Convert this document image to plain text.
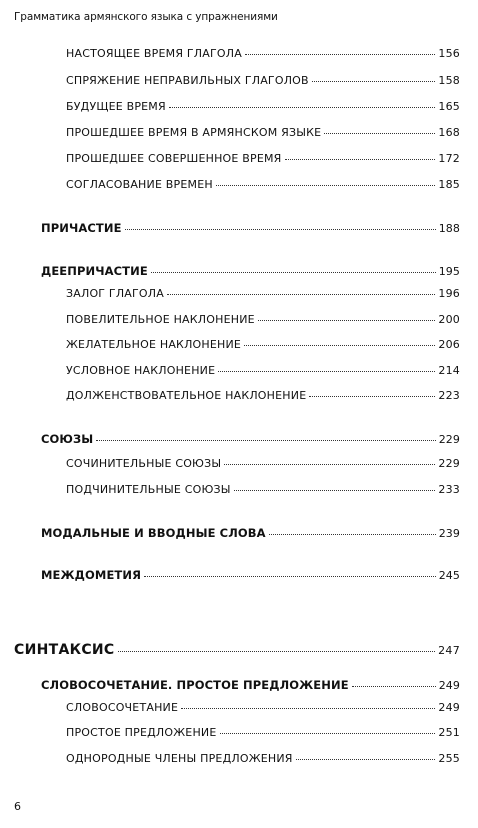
Грамматика армянского языка с упражнениями
НАСТОЯЩЕЕ ВРЕМЯ ГЛАГОЛА	156
СПРЯЖЕНИЕ НЕПРАВИЛЬНЫХ ГЛАГОЛОВ	158
БУДУЩЕЕ ВРЕМЯ	165
ПРОШЕДШЕЕ ВРЕМЯ В АРМЯНСКОМ ЯЗЫКЕ	168
ПРОШЕДШЕЕ СОВЕРШЕННОЕ ВРЕМЯ	172
СОГЛАСОВАНИЕ ВРЕМЕН	185
ПРИЧАСТИЕ	188
ДЕЕПРИЧАСТИЕ	195
ЗАЛОГ ГЛАГОЛА	196
ПОВЕЛИТЕЛЬНОЕ НАКЛОНЕНИЕ	200
ЖЕЛАТЕЛЬНОЕ НАКЛОНЕНИЕ	206
УСЛОВНОЕ НАКЛОНЕНИЕ	214
ДОЛЖЕНСТВОВАТЕЛЬНОЕ НАКЛОНЕНИЕ	223
СОЮЗЫ	229
СОЧИНИТЕЛЬНЫЕ СОЮЗЫ	229
ПОДЧИНИТЕЛЬНЫЕ СОЮЗЫ	233
МОДАЛЬНЫЕ И ВВОДНЫЕ СЛОВА	239
МЕЖДОМЕТИЯ	245
СИНТАКСИС	247
СЛОВОСОЧЕТАНИЕ. ПРОСТОЕ ПРЕДЛОЖЕНИЕ	249
СЛОВОСОЧЕТАНИЕ	249
ПРОСТОЕ ПРЕДЛОЖЕНИЕ	251
ОДНОРОДНЫЕ ЧЛЕНЫ ПРЕДЛОЖЕНИЯ	255
6
